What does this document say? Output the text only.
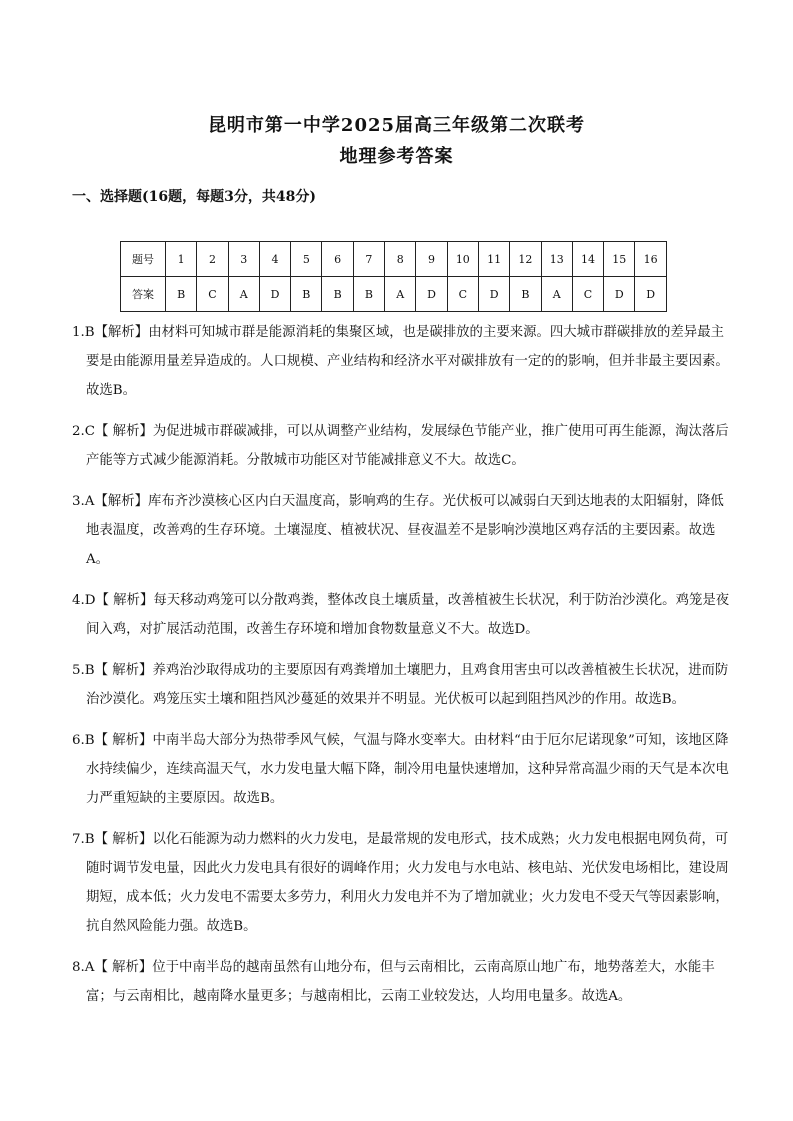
昆明市第一中学2025届高三年级第二次联考
地理参考答案
一、选择题(16题，每题3分，共48分)
题号	1	2	3	4	5	6	7	8	9	10	11	12	13	14	15	16
答案	B	C	A	D	B	B	B	A	D	C	D	B	A	C	D	D

1.B【解析】由材料可知城市群是能源消耗的集聚区域，也是碳排放的主要来源。四大城市群碳排放的差异最主要是由能源用量差异造成的。人口规模、产业结构和经济水平对碳排放有一定的的影响，但并非最主要因素。故选B。

2.C【 解析】为促进城市群碳减排，可以从调整产业结构，发展绿色节能产业，推广使用可再生能源，淘汰落后产能等方式减少能源消耗。分散城市功能区对节能减排意义不大。故选C。

3.A【解析】库布齐沙漠核心区内白天温度高，影响鸡的生存。光伏板可以减弱白天到达地表的太阳辐射，降低地表温度，改善鸡的生存环境。土壤湿度、植被状况、昼夜温差不是影响沙漠地区鸡存活的主要因素。故选A。

4.D【 解析】每天移动鸡笼可以分散鸡粪，整体改良土壤质量，改善植被生长状况，利于防治沙漠化。鸡笼是夜间入鸡，对扩展活动范围，改善生存环境和增加食物数量意义不大。故选D。

5.B【 解析】养鸡治沙取得成功的主要原因有鸡粪增加土壤肥力，且鸡食用害虫可以改善植被生长状况，进而防治沙漠化。鸡笼压实土壤和阻挡风沙蔓延的效果并不明显。光伏板可以起到阻挡风沙的作用。故选B。

6.B【 解析】中南半岛大部分为热带季风气候，气温与降水变率大。由材料“由于厄尔尼诺现象”可知，该地区降水持续偏少，连续高温天气，水力发电量大幅下降，制冷用电量快速增加，这种异常高温少雨的天气是本次电力严重短缺的主要原因。故选B。

7.B【 解析】以化石能源为动力燃料的火力发电，是最常规的发电形式，技术成熟；火力发电根据电网负荷，可随时调节发电量，因此火力发电具有很好的调峰作用；火力发电与水电站、核电站、光伏发电场相比，建设周期短，成本低；火力发电不需要太多劳力，利用火力发电并不为了增加就业；火力发电不受天气等因素影响，抗自然风险能力强。故选B。

8.A【 解析】位于中南半岛的越南虽然有山地分布，但与云南相比，云南高原山地广布，地势落差大，水能丰富；与云南相比，越南降水量更多；与越南相比，云南工业较发达，人均用电量多。故选A。
